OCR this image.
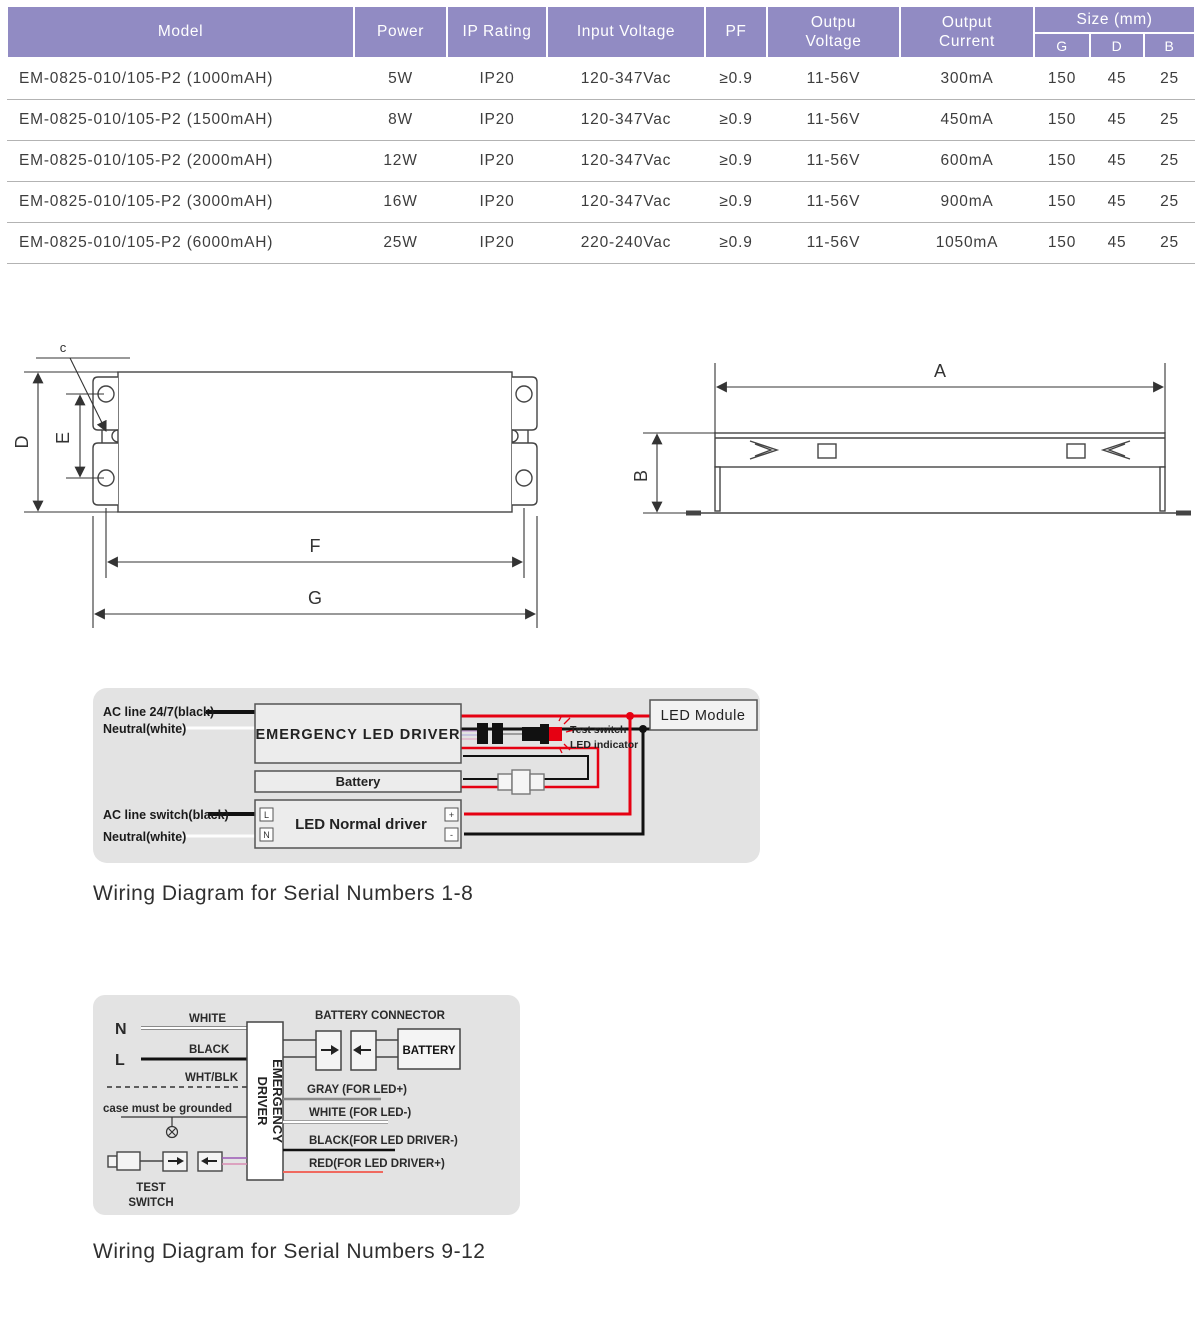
Model	Power	IP Rating	Input Voltage	PF	Outpu Voltage	Output Current	Size (mm)		
							G	D	B
EM-0825-010/105-P2 (1000mAH)	5W	IP20	120-347Vac	≥0.9	11-56V	300mA	150	45	25
EM-0825-010/105-P2 (1500mAH)	8W	IP20	120-347Vac	≥0.9	11-56V	450mA	150	45	25
EM-0825-010/105-P2 (2000mAH)	12W	IP20	120-347Vac	≥0.9	11-56V	600mA	150	45	25
EM-0825-010/105-P2 (3000mAH)	16W	IP20	120-347Vac	≥0.9	11-56V	900mA	150	45	25
EM-0825-010/105-P2 (6000mAH)	25W	IP20	220-240Vac	≥0.9	11-56V	1050mA	150	45	25
c
D E
F
G
A
B
AC line 24/7(black)
Neutral(white)
AC line switch(black)
Neutral(white)
Test switch
LED indicator
EMERGENCY LED DRIVER
Battery
LED Normal driver
LED Module
L
N
+
-
Wiring Diagram for Serial Numbers 1-8
N
L
WHITE
BLACK
WHT/BLK
case must be grounded DRIVER EMERGENCY
BATTERY CONNECTOR
BATTERY
GRAY (FOR LED+)
WHITE (FOR LED-)
BLACK(FOR LED DRIVER-)
RED(FOR LED DRIVER+)
TEST
SWITCH
Wiring Diagram for Serial Numbers 9-12
